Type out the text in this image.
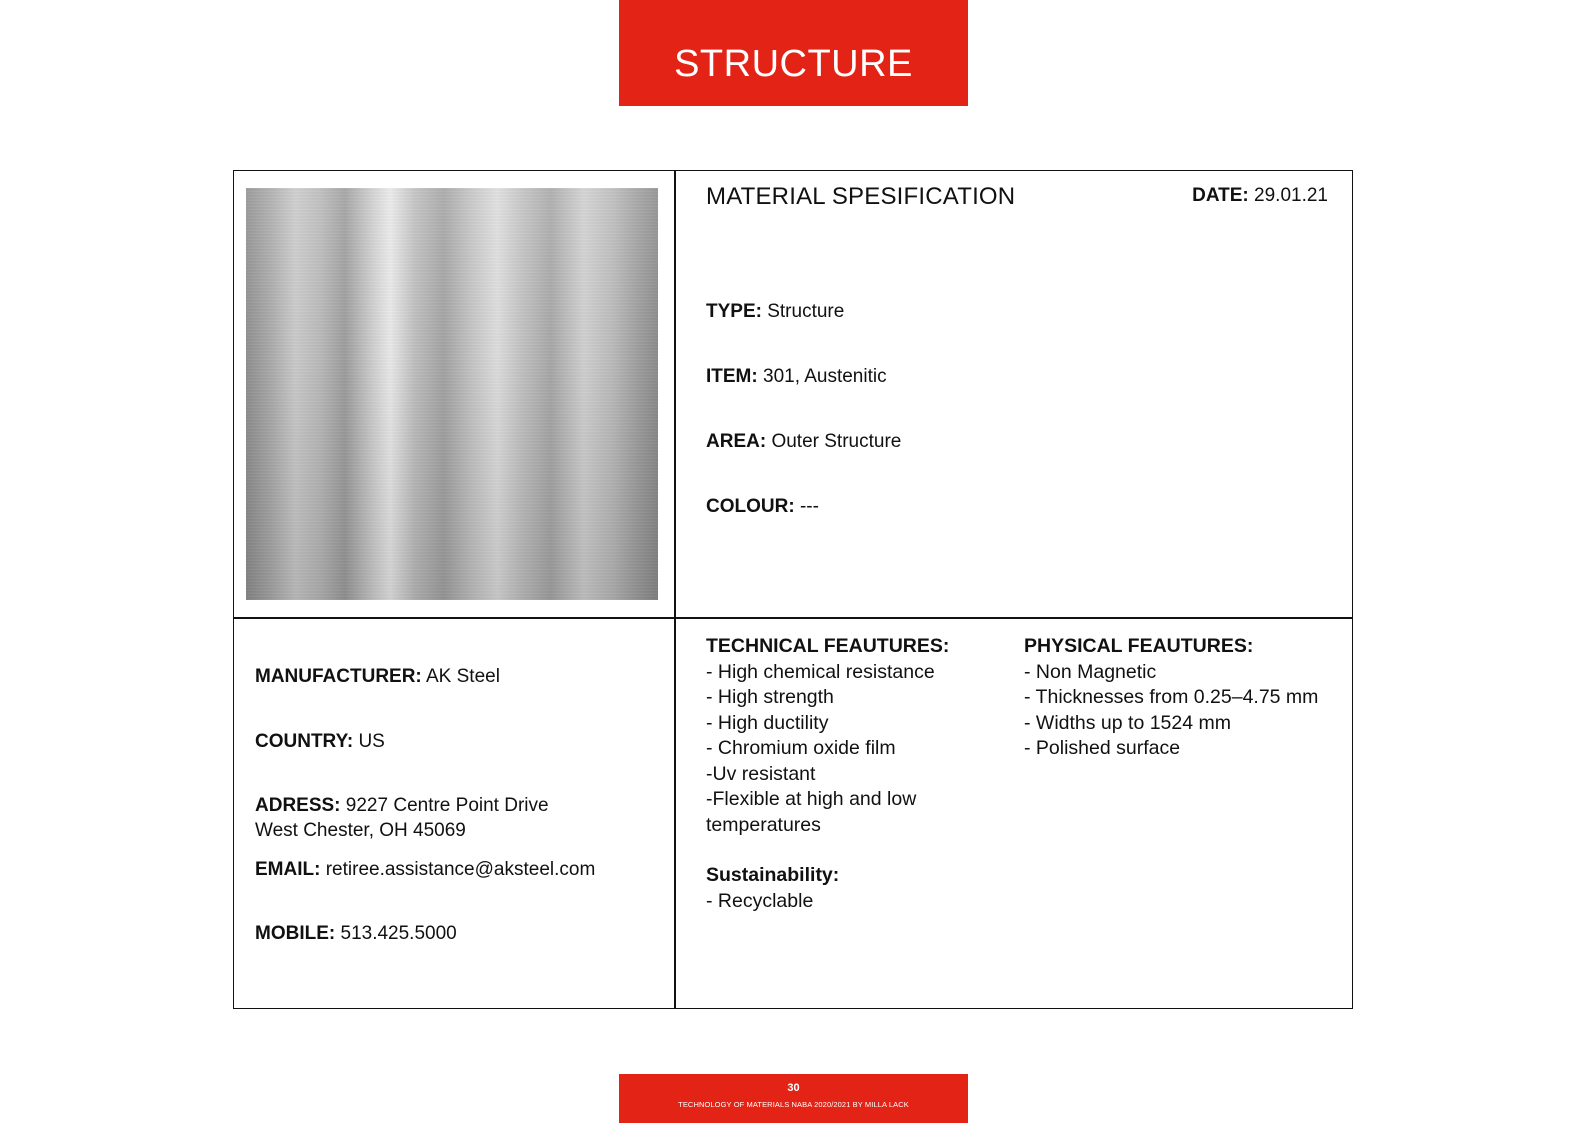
STRUCTURE
MATERIAL SPESIFICATION	DATE: 29.01.21
TYPE: Structure
ITEM: 301, Austenitic
AREA: Outer Structure
COLOUR: ---
MANUFACTURER: AK Steel
COUNTRY: US
ADRESS: 9227 Centre Point Drive
West Chester, OH 45069
EMAIL: retiree.assistance@aksteel.com
MOBILE: 513.425.5000
TECHNICAL FEAUTURES:
- High chemical resistance
- High strength
- High ductility
- Chromium oxide film
-Uv resistant
-Flexible at high and low
temperatures
Sustainability:
- Recyclable
PHYSICAL FEAUTURES:
- Non Magnetic
- Thicknesses from 0.25–4.75 mm
- Widths up to 1524 mm
- Polished surface
30
TECHNOLOGY OF MATERIALS NABA 2020/2021 BY MILLA LACK
